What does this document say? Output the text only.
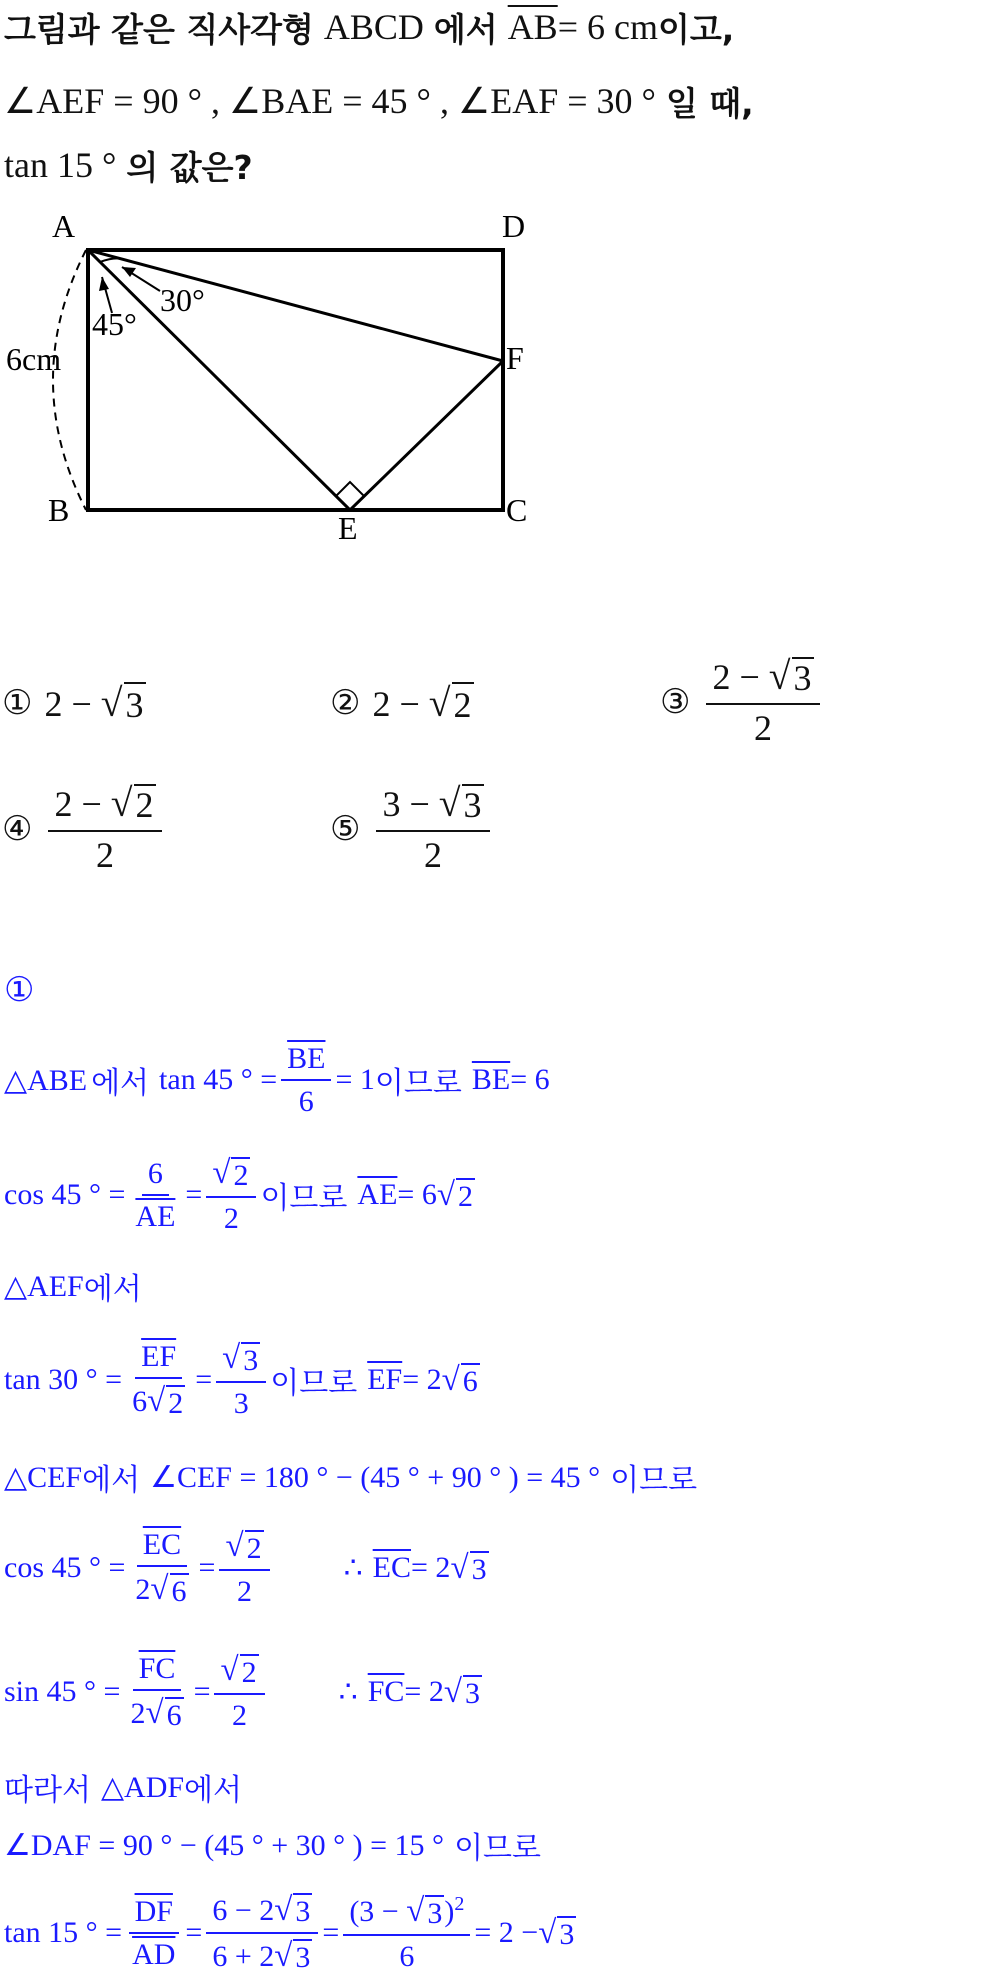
그림과 같은 직사각형 ABCD 에서 $\overline{AB} = 6$ cm 이고,
∠AEF = 90 ° , ∠BAE = 45 ° , ∠EAF = 30 ° 일 때,
tan 15 ° 의 값은?
A	D
B	C
E
F
30°
45°
6cm
① 2 − √ 3	② 2 − √ 2	③ $\frac{2 - √ 3}{2}$
④ $\frac{2 - √ 2}{2}$	⑤ $\frac{3 - √ 3}{2}$
①
△ABE 에서 tan 45 ° = $\frac{\overline{BE}}{6} = 1$ 이므로 $\overline{BE} = 6$
cos 45 ° = $\frac{6}{AE} = \frac{√ 2}{2}$ 이므로 $\overline{AE} = 6$ √ 2
△AEF 에서
tan 30 ° = $\frac{\overline{EF}}{6 √ 2} = \frac{√ 3}{3}$ 이므로 $\overline{EF} = 2$ √ 6
△CEF 에서 ∠CEF = 180 ° − (45 ° + 90 ° ) = 45 ° 이므로
cos 45 ° = $\frac{\overline{EC}}{2 √ 6} = \frac{√ 2}{2}$ ∴ $\overline{EC} = 2$ √ 3
sin 45 ° = $\frac{\overline{FC}}{2 √ 6} = \frac{√ 2}{2}$ ∴ $\overline{FC} = 2$ √ 3
따라서 △ADF 에서
∠DAF = 90 ° − (45 ° + 30 ° ) = 15 ° 이므로
tan 15 ° = $\frac{\overline{DF}}{AD} = \frac{6 - 2 √ 3}{6 + 2 √ 3} = \frac{(3 - √ 3 )^2}{6} = 2$ − √ 3
